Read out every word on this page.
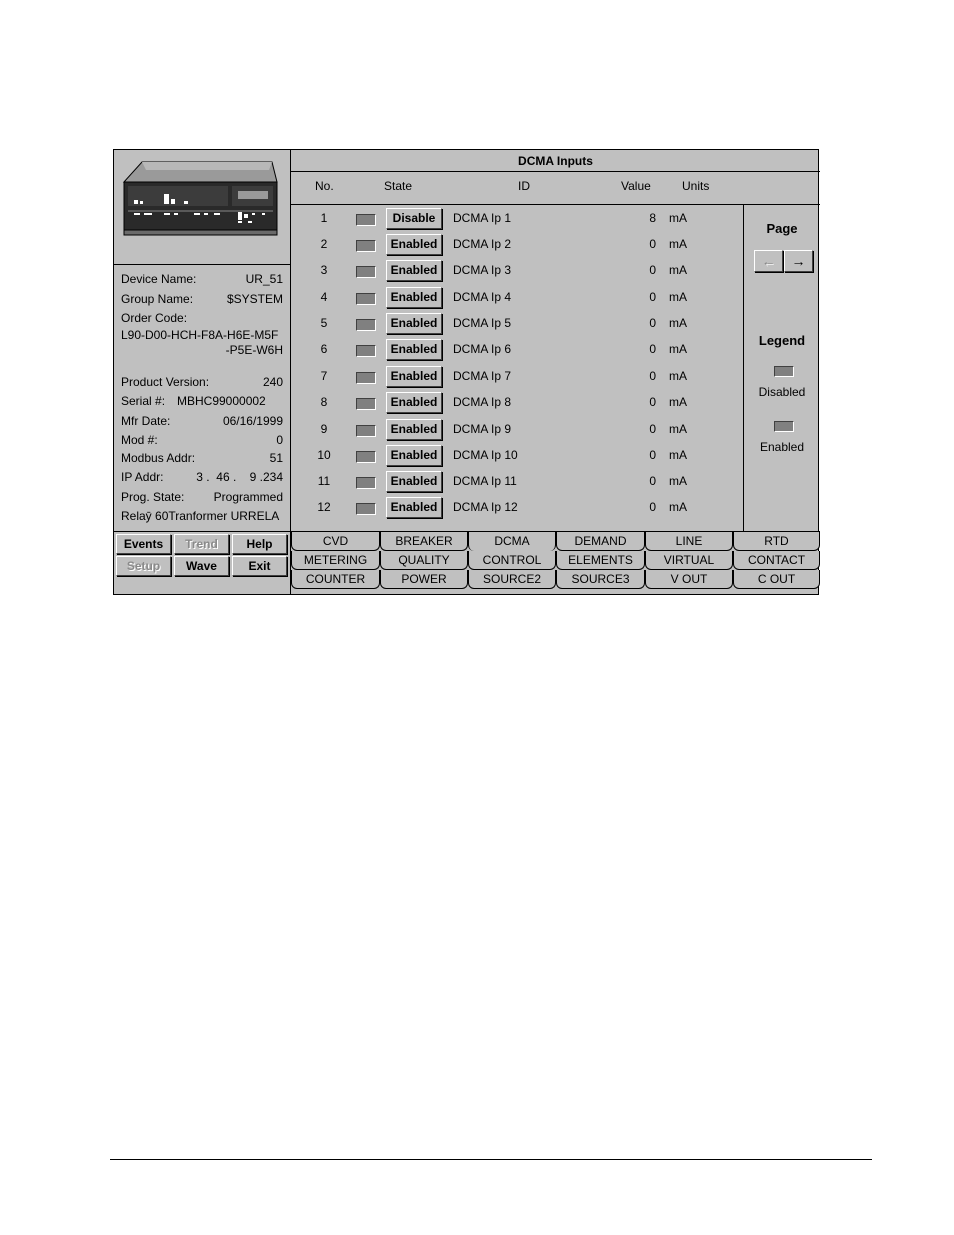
Device Name:	UR_51
Group Name:	$SYSTEM
Order Code:
L90-D00-HCH-F8A-H6E-M5F
-P5E-W6H
Product Version:	240
Serial #: MBHC99000002
Mfr Date:	06/16/1999
Mod #:	0
Modbus Addr:	51
IP Addr:	3 .  46 .    9 .234
Prog. State: Programmed
Relaȳ 60Tranformer URRELA
Events	Trend	Help
Setup	Wave	Exit
DCMA Inputs
No.	State	ID	Value	Units
1	Disable	DCMA Ip 1	8 mA
2	Enabled	DCMA Ip 2	0 mA
3	Enabled	DCMA Ip 3	0 mA
4	Enabled	DCMA Ip 4	0 mA
5	Enabled	DCMA Ip 5	0 mA
6	Enabled	DCMA Ip 6	0 mA
7	Enabled	DCMA Ip 7	0 mA
8	Enabled	DCMA Ip 8	0 mA
9	Enabled	DCMA Ip 9	0 mA
10	Enabled	DCMA Ip 10	0 mA
11	Enabled	DCMA Ip 11	0 mA
12	Enabled	DCMA Ip 12	0 mA
Page
←	→
Legend
Disabled
Enabled
CVD	BREAKER	DCMA	DEMAND	LINE	RTD
METERING	QUALITY	CONTROL	ELEMENTS	VIRTUAL	CONTACT
COUNTER	POWER	SOURCE2	SOURCE3	V OUT	C OUT
